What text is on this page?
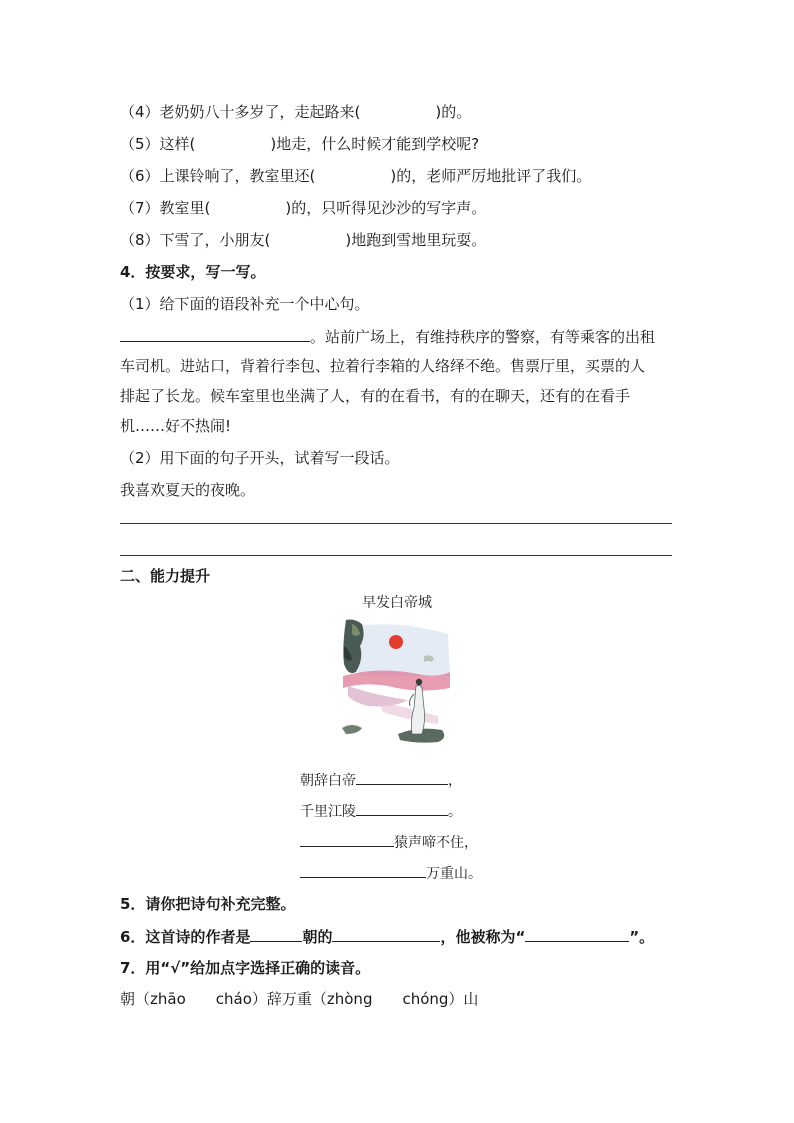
（4）老奶奶八十多岁了，走起路来(　　　　　)的。
（5）这样(　　　　　)地走，什么时候才能到学校呢?
（6）上课铃响了，教室里还(　　　　　)的，老师严厉地批评了我们。
（7）教室里(　　　　　)的，只听得见沙沙的写字声。
（8）下雪了，小朋友(　　　　　)地跑到雪地里玩耍。
4．按要求，写一写。
（1）给下面的语段补充一个中心句。
。站前广场上，有维持秩序的警察，有等乘客的出租
车司机。进站口，背着行李包、拉着行李箱的人络绎不绝。售票厅里，买票的人
排起了长龙。候车室里也坐满了人，有的在看书，有的在聊天，还有的在看手
机……好不热闹!
（2）用下面的句子开头，试着写一段话。
我喜欢夏天的夜晚。
二、能力提升
早发白帝城
朝辞白帝	，
千里江陵	。
猿声啼不住，
万重山。
5．请你把诗句补充完整。
6．这首诗的作者是	朝的	，他被称为“	”。
7．用“√”给加点字选择正确的读音。
朝（zhāo　　cháo）辞万重（zhòng　　chóng）山
